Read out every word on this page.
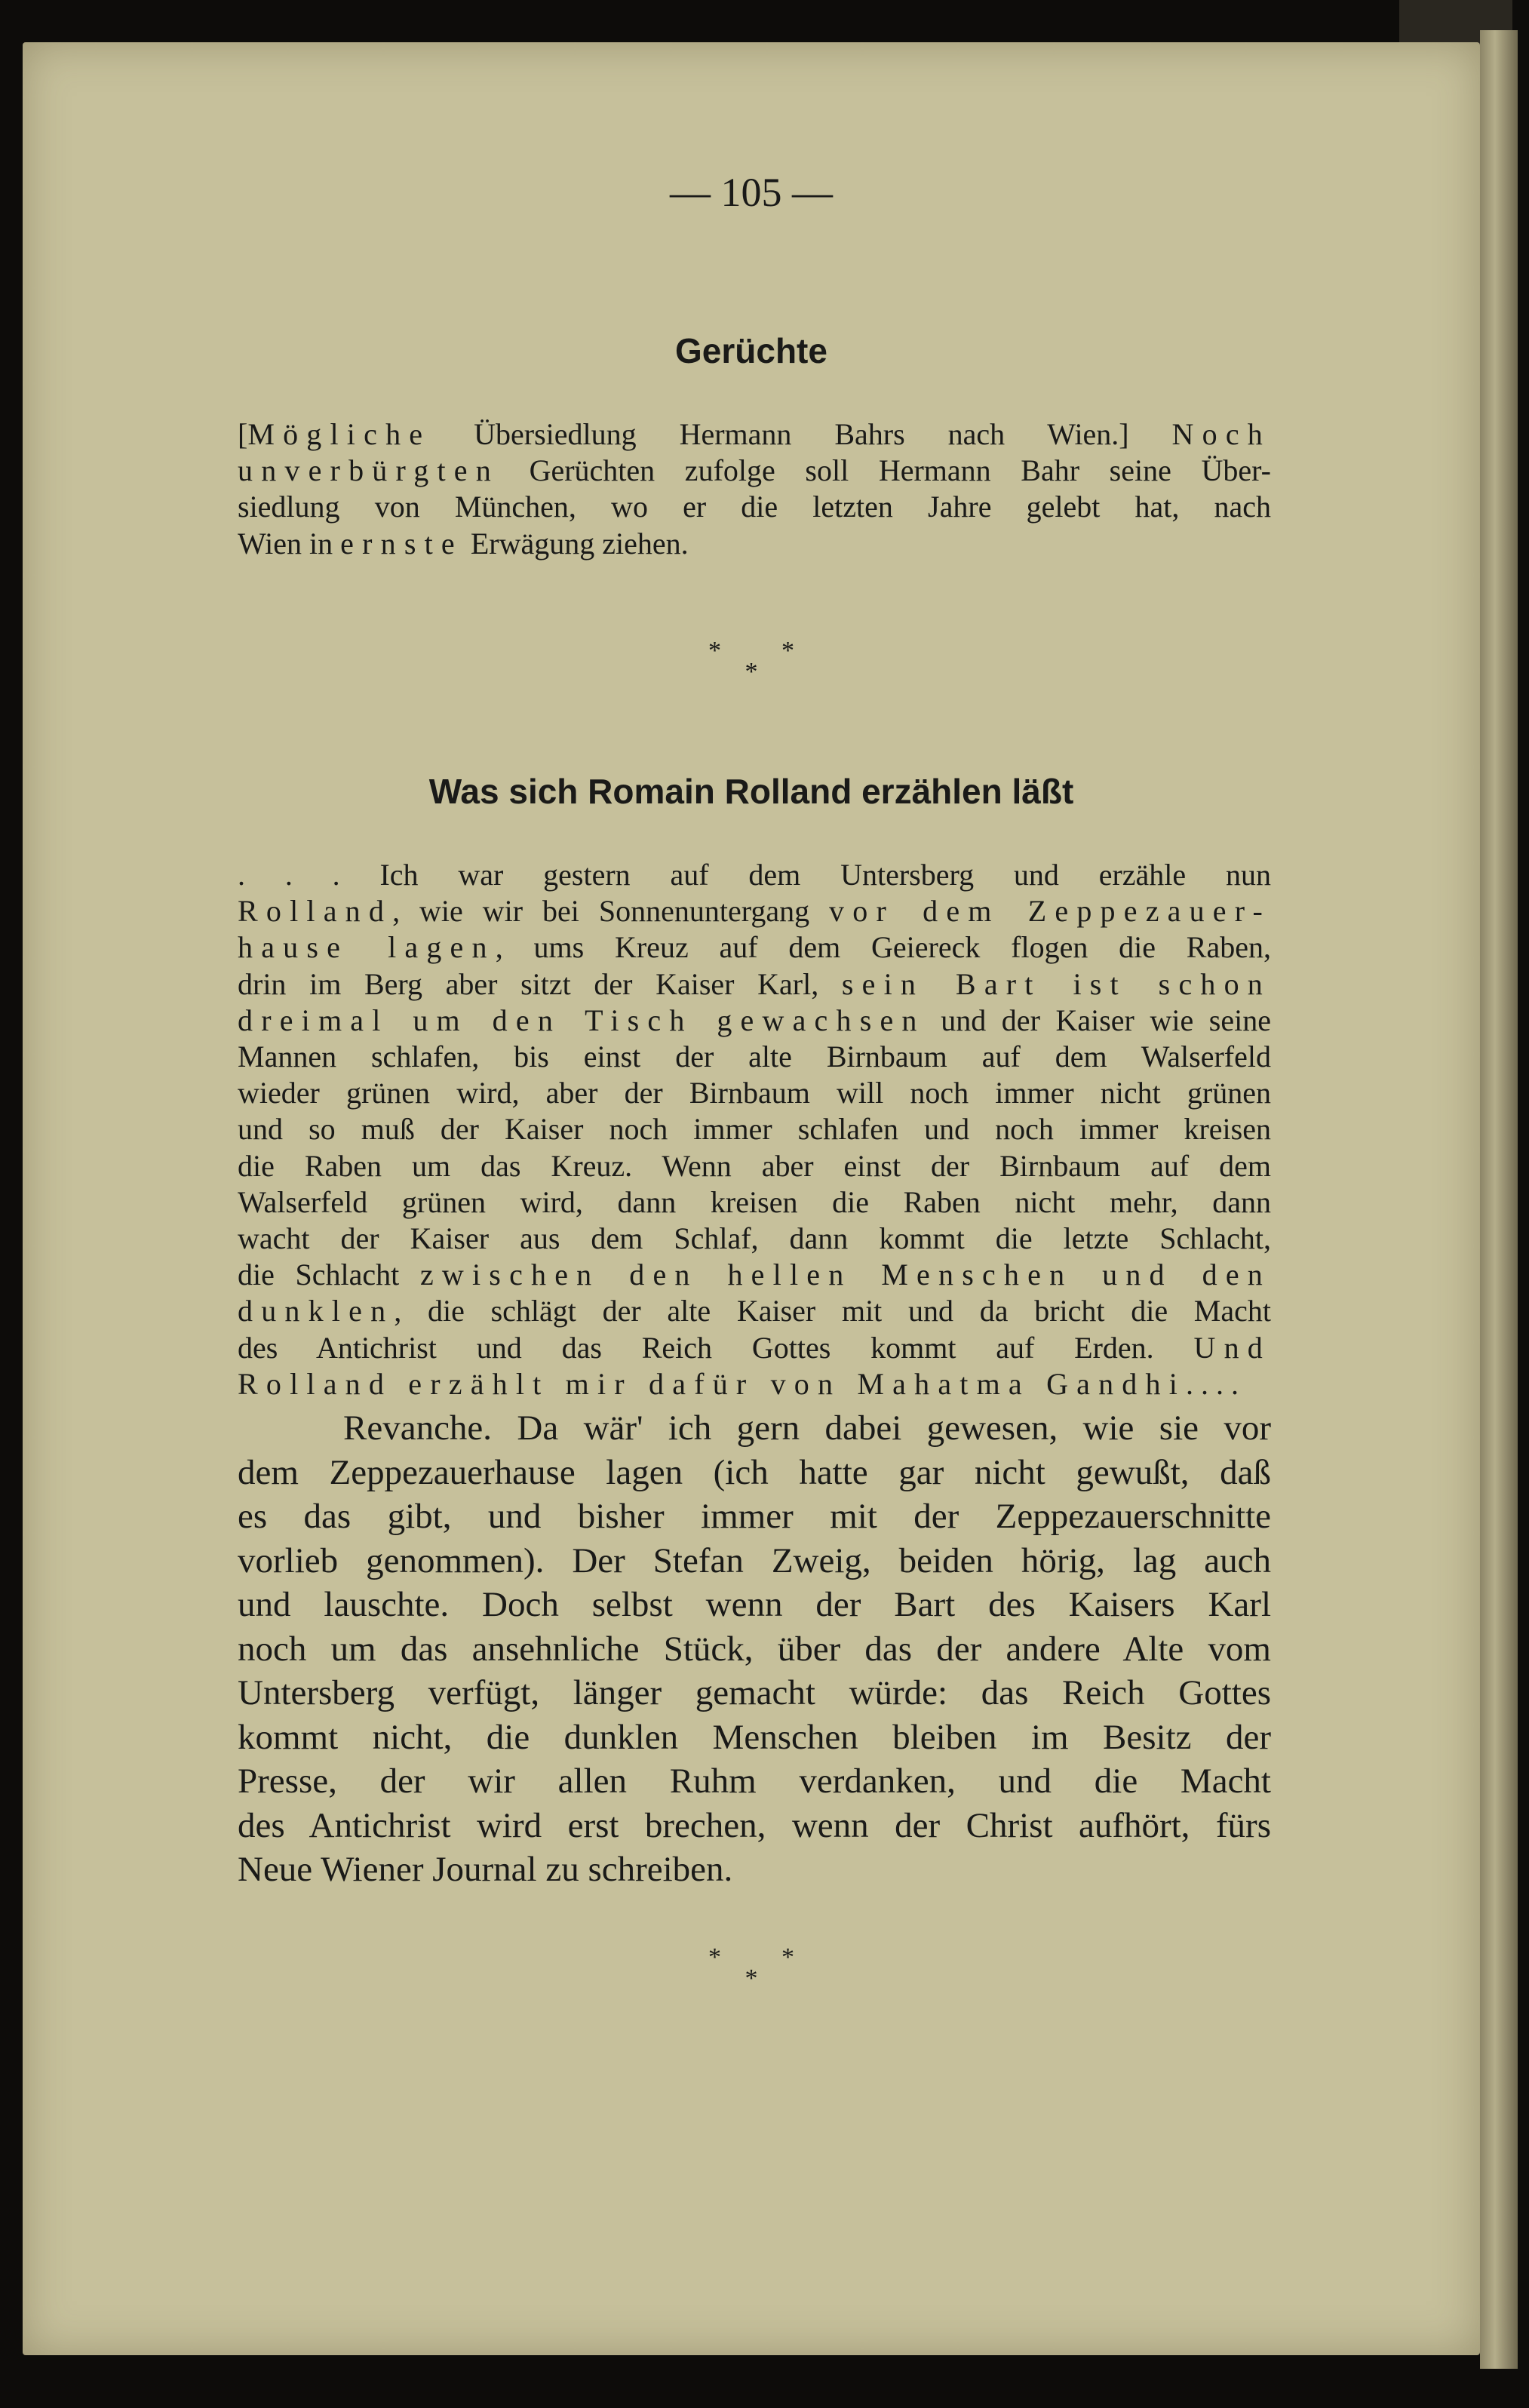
— 105 —
Gerüchte
[Mögliche Übersiedlung Hermann Bahrs nach Wien.] Noch
unverbürgten Gerüchten zufolge soll Hermann Bahr seine Über-
siedlung von München, wo er die letzten Jahre gelebt hat, nach
Wien in ernste Erwägung ziehen.
**
*
Was sich Romain Rolland erzählen läßt
. . . Ich war gestern auf dem Untersberg und erzähle nun
Rolland, wie wir bei Sonnenuntergang vor dem Zeppezauer-
hause lagen, ums Kreuz auf dem Geiereck flogen die Raben,
drin im Berg aber sitzt der Kaiser Karl, sein Bart ist schon
dreimal um den Tisch gewachsen und der Kaiser wie seine
Mannen schlafen, bis einst der alte Birnbaum auf dem Walserfeld
wieder grünen wird, aber der Birnbaum will noch immer nicht grünen
und so muß der Kaiser noch immer schlafen und noch immer kreisen
die Raben um das Kreuz. Wenn aber einst der Birnbaum auf dem
Walserfeld grünen wird, dann kreisen die Raben nicht mehr, dann
wacht der Kaiser aus dem Schlaf, dann kommt die letzte Schlacht,
die Schlacht zwischen den hellen Menschen und den
dunklen, die schlägt der alte Kaiser mit und da bricht die Macht
des Antichrist und das Reich Gottes kommt auf Erden. Und
Rolland erzählt mir dafür von Mahatma Gandhi. . . .
Revanche. Da wär' ich gern dabei gewesen, wie sie vor
dem Zeppezauerhause lagen (ich hatte gar nicht gewußt, daß
es das gibt, und bisher immer mit der Zeppezauerschnitte
vorlieb genommen). Der Stefan Zweig, beiden hörig, lag auch
und lauschte. Doch selbst wenn der Bart des Kaisers Karl
noch um das ansehnliche Stück, über das der andere Alte vom
Untersberg verfügt, länger gemacht würde: das Reich Gottes
kommt nicht, die dunklen Menschen bleiben im Besitz der
Presse, der wir allen Ruhm verdanken, und die Macht
des Antichrist wird erst brechen, wenn der Christ aufhört, fürs
Neue Wiener Journal zu schreiben.
**
*
